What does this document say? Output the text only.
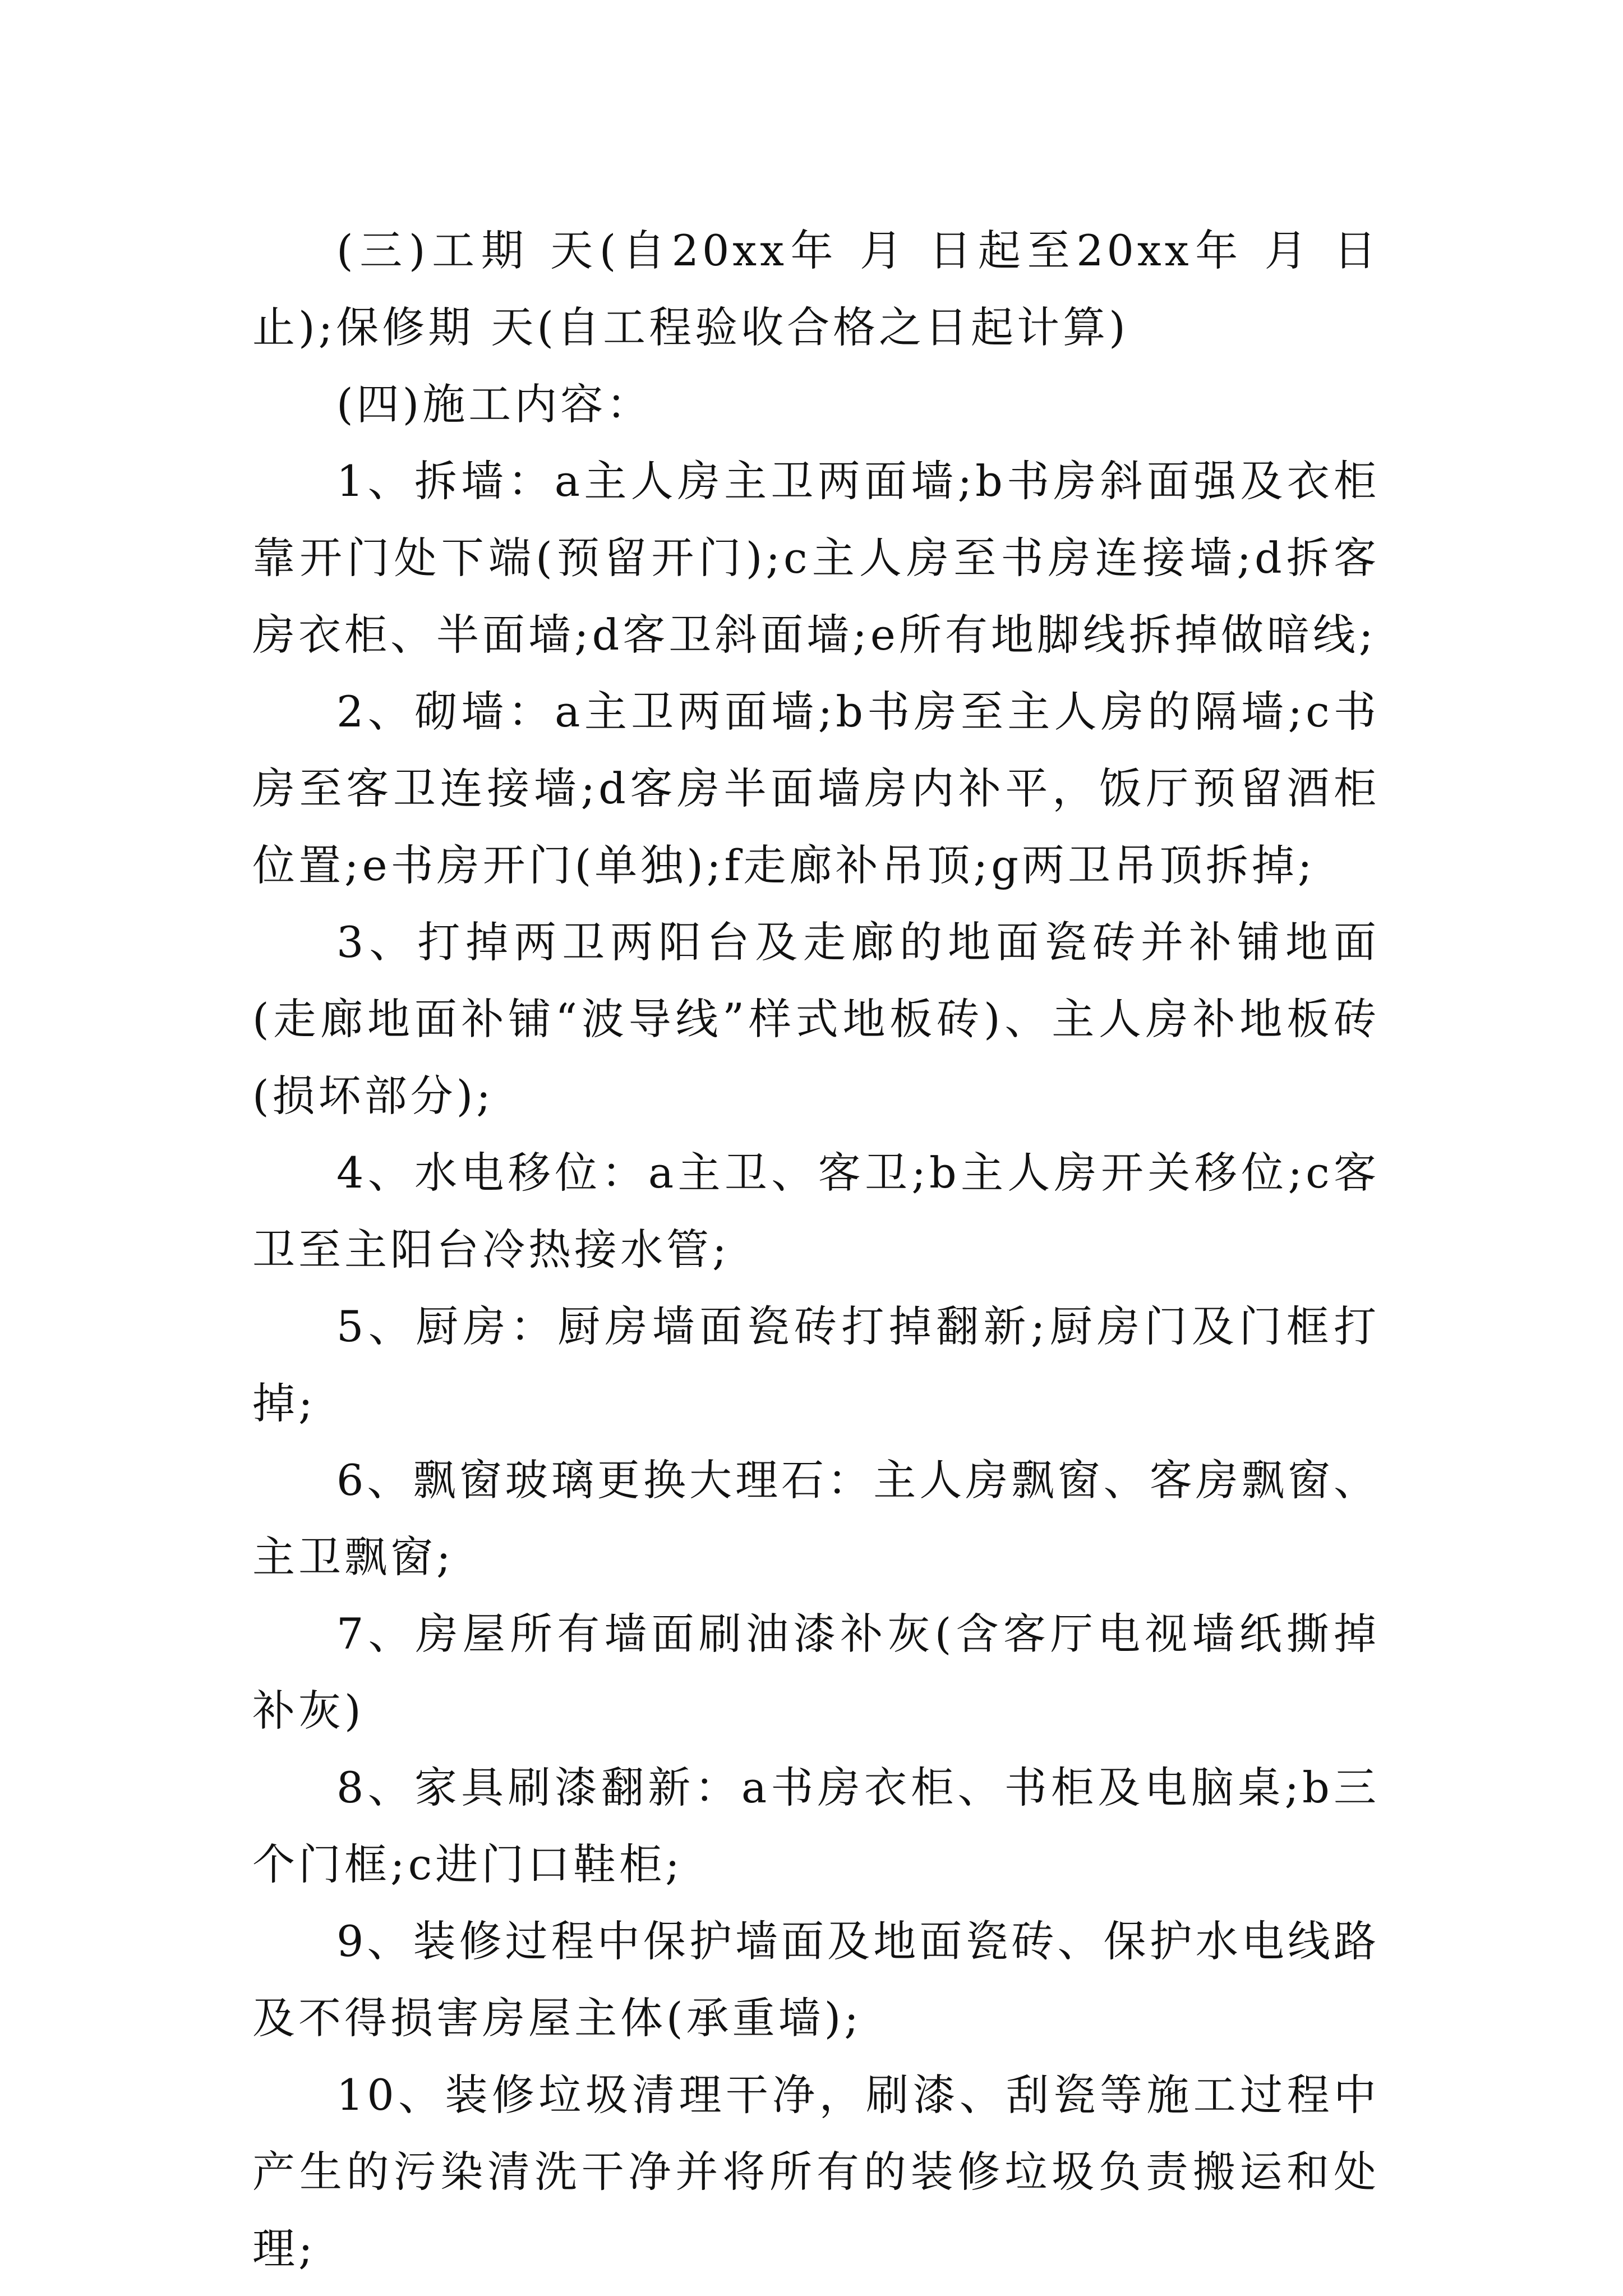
(三)工期 天(自20xx年 月 日起至20xx年 月 日止);保修期 天(自工程验收合格之日起计算)

(四)施工内容：

1、拆墙：a主人房主卫两面墙;b书房斜面强及衣柜靠开门处下端(预留开门);c主人房至书房连接墙;d拆客房衣柜、半面墙;d客卫斜面墙;e所有地脚线拆掉做暗线;

2、砌墙：a主卫两面墙;b书房至主人房的隔墙;c书房至客卫连接墙;d客房半面墙房内补平，饭厅预留酒柜位置;e书房开门(单独);f走廊补吊顶;g两卫吊顶拆掉;

3、打掉两卫两阳台及走廊的地面瓷砖并补铺地面(走廊地面补铺“波导线”样式地板砖)、主人房补地板砖(损坏部分);

4、水电移位：a主卫、客卫;b主人房开关移位;c客卫至主阳台冷热接水管;

5、厨房：厨房墙面瓷砖打掉翻新;厨房门及门框打掉;

6、飘窗玻璃更换大理石：主人房飘窗、客房飘窗、主卫飘窗;

7、房屋所有墙面刷油漆补灰(含客厅电视墙纸撕掉补灰)

8、家具刷漆翻新：a书房衣柜、书柜及电脑桌;b三个门框;c进门口鞋柜;

9、装修过程中保护墙面及地面瓷砖、保护水电线路及不得损害房屋主体(承重墙);

10、装修垃圾清理干净，刷漆、刮瓷等施工过程中产生的污染清洗干净并将所有的装修垃圾负责搬运和处理;
